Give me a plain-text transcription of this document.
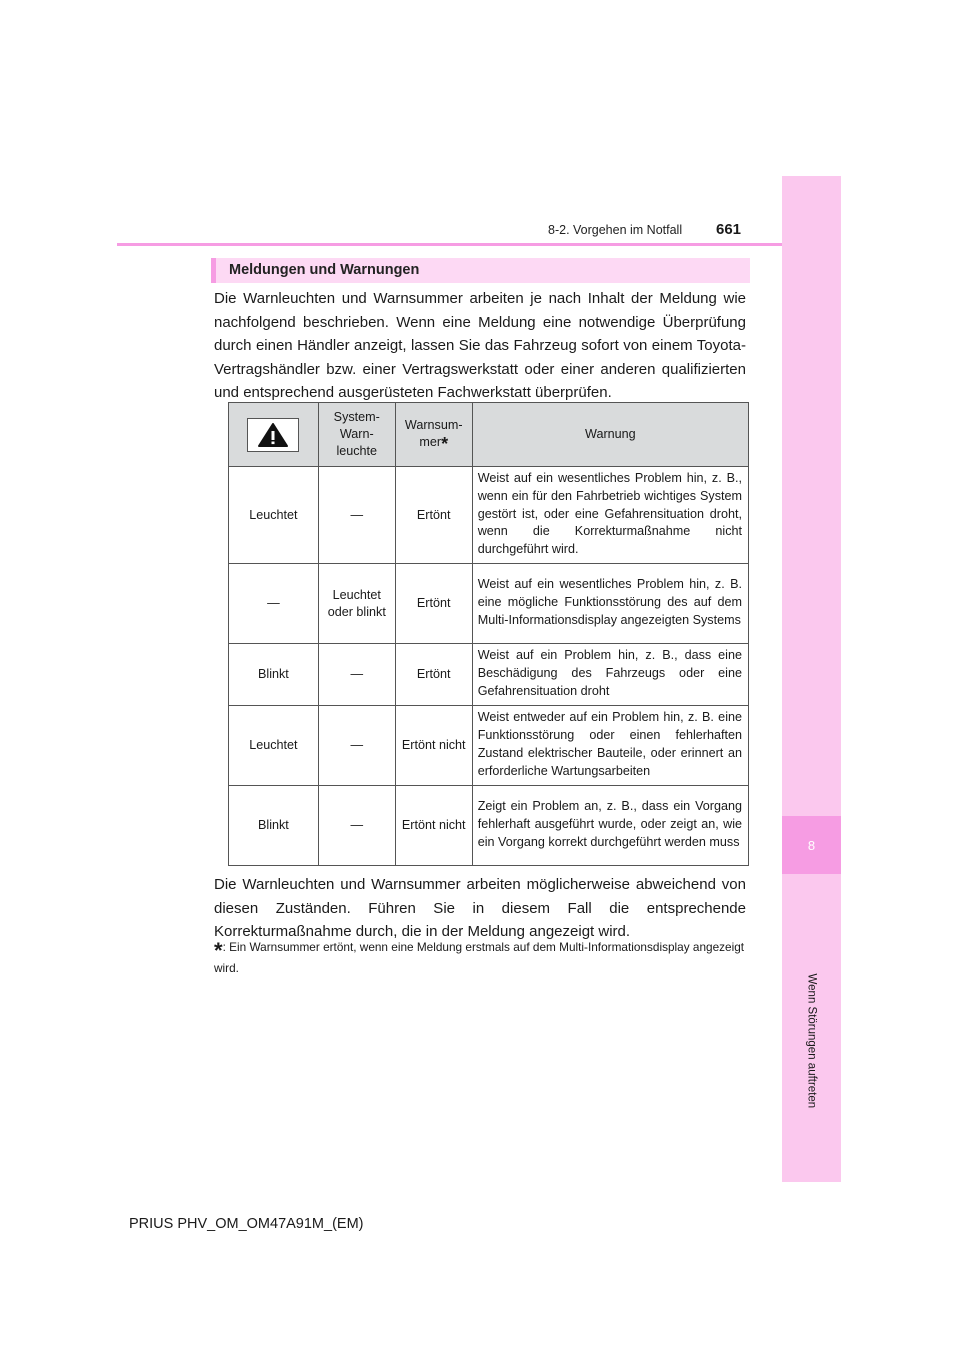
8
Wenn Störungen auftreten
8-2. Vorgehen im Notfall 661
Meldungen und Warnungen

Die Warnleuchten und Warnsummer arbeiten je nach Inhalt der Meldung wie nachfolgend beschrieben. Wenn eine Meldung eine notwendige Überprüfung durch einen Händler anzeigt, lassen Sie das Fahrzeug sofort von einem Toyota-Vertragshändler bzw. einer Vertragswerkstatt oder einer anderen qualifizierten und entsprechend ausgerüsteten Fachwerkstatt überprüfen.

	System-Warn-leuchte	Warnsum-mer*	Warnung
Leuchtet	—	Ertönt	Weist auf ein wesentliches Problem hin, z. B., wenn ein für den Fahrbetrieb wichtiges System gestört ist, oder eine Gefahrensituation droht, wenn die Korrekturmaßnahme nicht durchgeführt wird.
—	Leuchtet oder blinkt	Ertönt	Weist auf ein wesentliches Problem hin, z. B. eine mögliche Funktionsstörung des auf dem Multi-Informationsdisplay angezeigten Systems
Blinkt	—	Ertönt	Weist auf ein Problem hin, z. B., dass eine Beschädigung des Fahrzeugs oder eine Gefahrensituation droht
Leuchtet	—	Ertönt nicht	Weist entweder auf ein Problem hin, z. B. eine Funktionsstörung oder einen fehlerhaften Zustand elektrischer Bauteile, oder erinnert an erforderliche Wartungsarbeiten
Blinkt	—	Ertönt nicht	Zeigt ein Problem an, z. B., dass ein Vorgang fehlerhaft ausgeführt wurde, oder zeigt an, wie ein Vorgang korrekt durchgeführt werden muss

Die Warnleuchten und Warnsummer arbeiten möglicherweise abweichend von diesen Zuständen. Führen Sie in diesem Fall die entsprechende Korrekturmaßnahme durch, die in der Meldung angezeigt wird.

*: Ein Warnsummer ertönt, wenn eine Meldung erstmals auf dem Multi-Informationsdisplay angezeigt wird.
PRIUS PHV_OM_OM47A91M_(EM)
